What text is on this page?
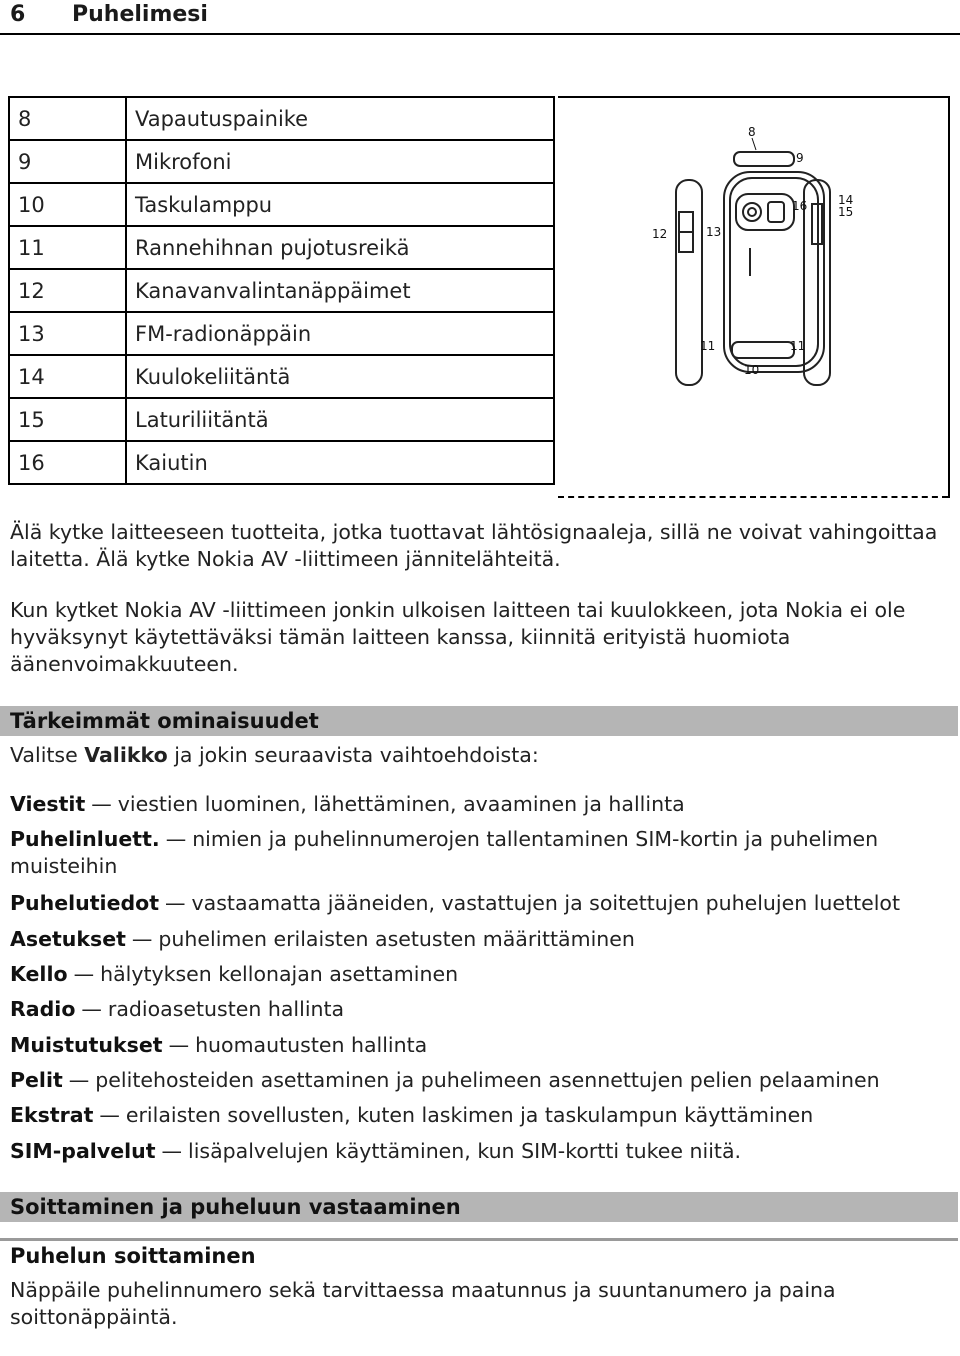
6 Puhelimesi
8	Vapautuspainike
9	Mikrofoni
10	Taskulamppu
11	Rannehihnan pujotusreikä
12	Kanavanvalintanäppäimet
13	FM-radionäppäin
14	Kuulokeliitäntä
15	Laturiliitäntä
16	Kaiutin
8
9
16	14
15
12	13
11	11
10

Älä kytke laitteeseen tuotteita, jotka tuottavat lähtösignaaleja, sillä ne voivat vahingoittaa laitetta. Älä kytke Nokia AV -liittimeen jännitelähteitä.

Kun kytket Nokia AV -liittimeen jonkin ulkoisen laitteen tai kuulokkeen, jota Nokia ei ole hyväksynyt käytettäväksi tämän laitteen kanssa, kiinnitä erityistä huomiota äänenvoimakkuuteen.

Tärkeimmät ominaisuudet

Valitse Valikko ja jokin seuraavista vaihtoehdoista:

Viestit — viestien luominen, lähettäminen, avaaminen ja hallinta

Puhelinluett. — nimien ja puhelinnumerojen tallentaminen SIM-kortin ja puhelimen muisteihin

Puhelutiedot — vastaamatta jääneiden, vastattujen ja soitettujen puhelujen luettelot

Asetukset — puhelimen erilaisten asetusten määrittäminen

Kello — hälytyksen kellonajan asettaminen

Radio — radioasetusten hallinta

Muistutukset — huomautusten hallinta

Pelit — pelitehosteiden asettaminen ja puhelimeen asennettujen pelien pelaaminen

Ekstrat — erilaisten sovellusten, kuten laskimen ja taskulampun käyttäminen

SIM-palvelut — lisäpalvelujen käyttäminen, kun SIM-kortti tukee niitä.

Soittaminen ja puheluun vastaaminen
Puhelun soittaminen

Näppäile puhelinnumero sekä tarvittaessa maatunnus ja suuntanumero ja paina soittonäppäintä.
